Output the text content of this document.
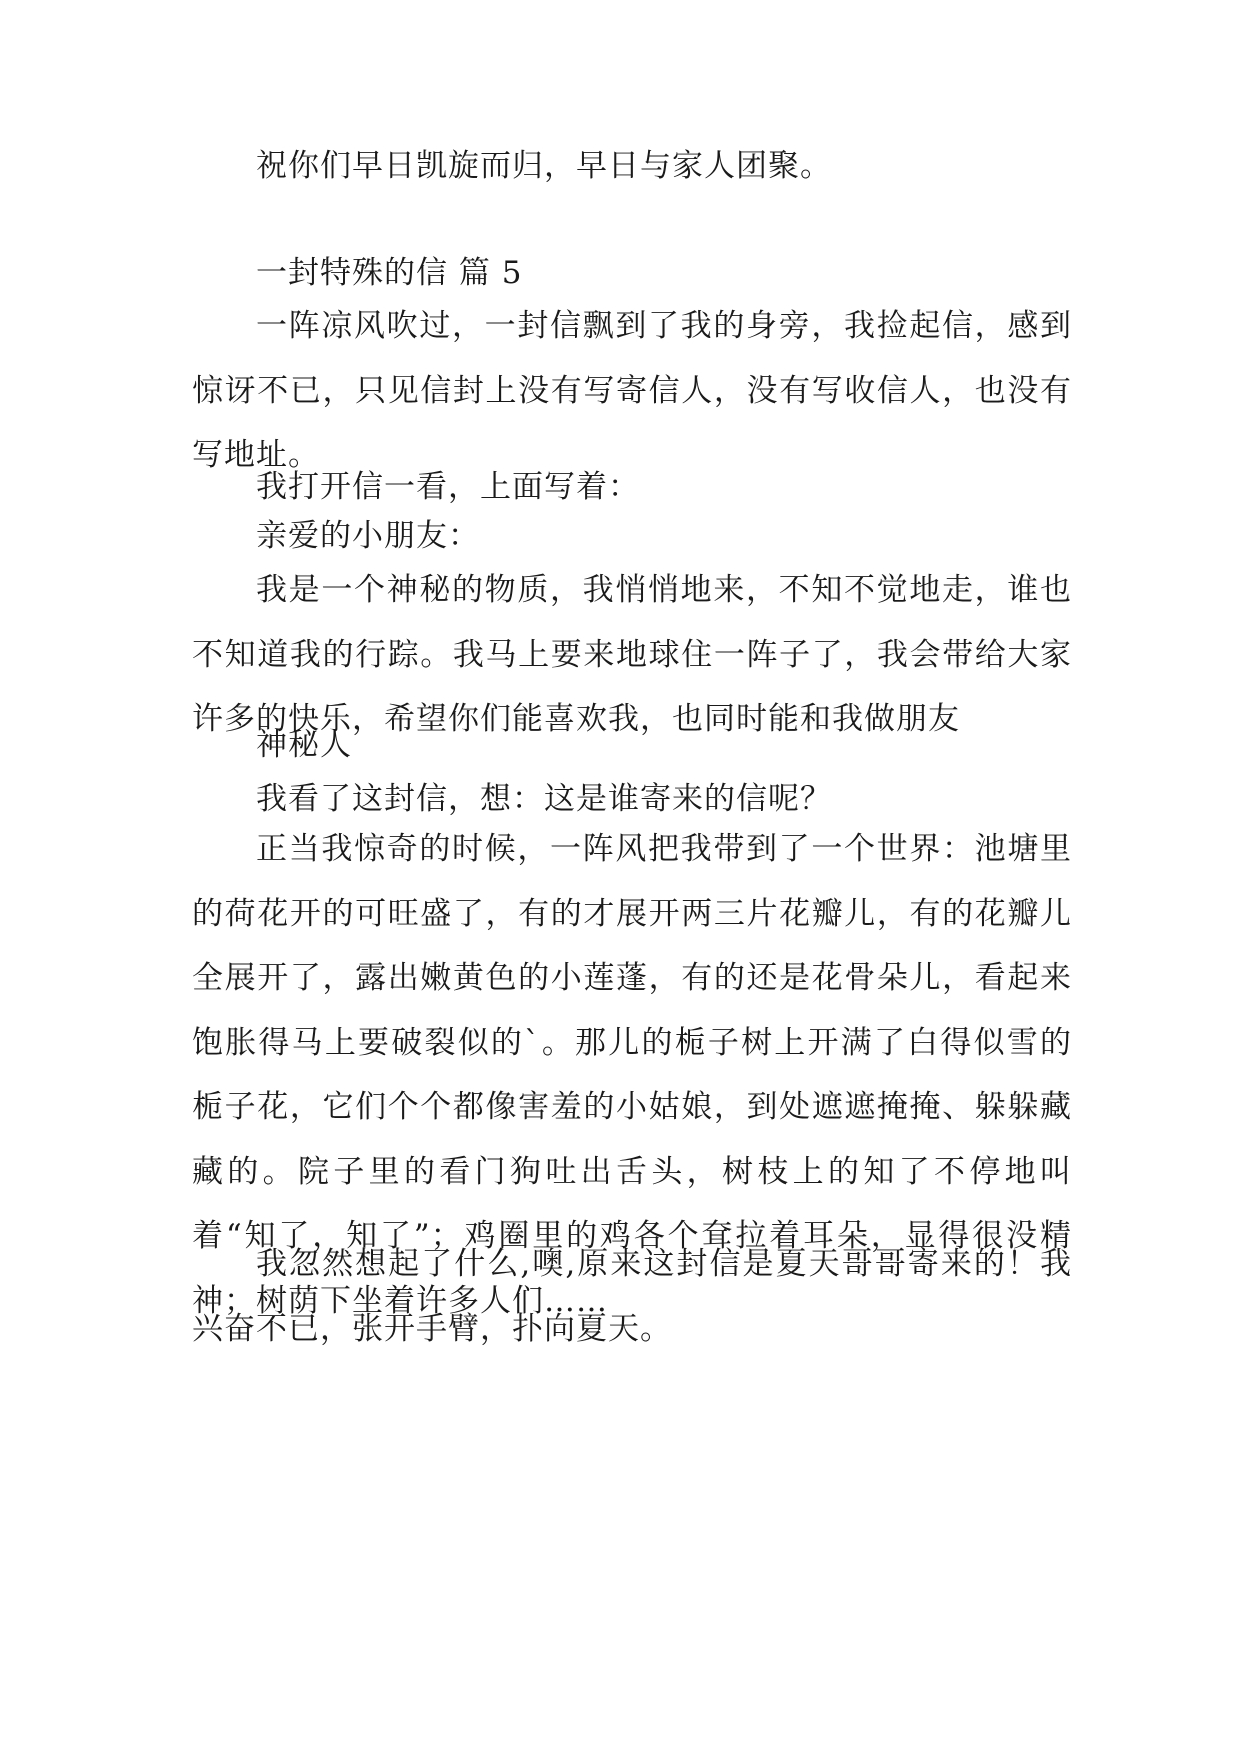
祝你们早日凯旋而归，早日与家人团聚。

一封特殊的信 篇 5

一阵凉风吹过，一封信飘到了我的身旁，我捡起信，感到惊讶不已，只见信封上没有写寄信人，没有写收信人，也没有写地址。

我打开信一看，上面写着：

亲爱的小朋友：

我是一个神秘的物质，我悄悄地来，不知不觉地走，谁也不知道我的行踪。我马上要来地球住一阵子了，我会带给大家许多的快乐，希望你们能喜欢我，也同时能和我做朋友

神秘人

我看了这封信，想：这是谁寄来的信呢？

正当我惊奇的时候，一阵风把我带到了一个世界：池塘里的荷花开的可旺盛了，有的才展开两三片花瓣儿，有的花瓣儿全展开了，露出嫩黄色的小莲蓬，有的还是花骨朵儿，看起来饱胀得马上要破裂似的`。那儿的栀子树上开满了白得似雪的栀子花，它们个个都像害羞的小姑娘，到处遮遮掩掩、躲躲藏藏的。院子里的看门狗吐出舌头，树枝上的知了不停地叫着“知了，知了”；鸡圈里的鸡各个耷拉着耳朵，显得很没精神；树荫下坐着许多人们……

我忽然想起了什么,噢,原来这封信是夏天哥哥寄来的！我兴奋不已，张开手臂，扑向夏天。
